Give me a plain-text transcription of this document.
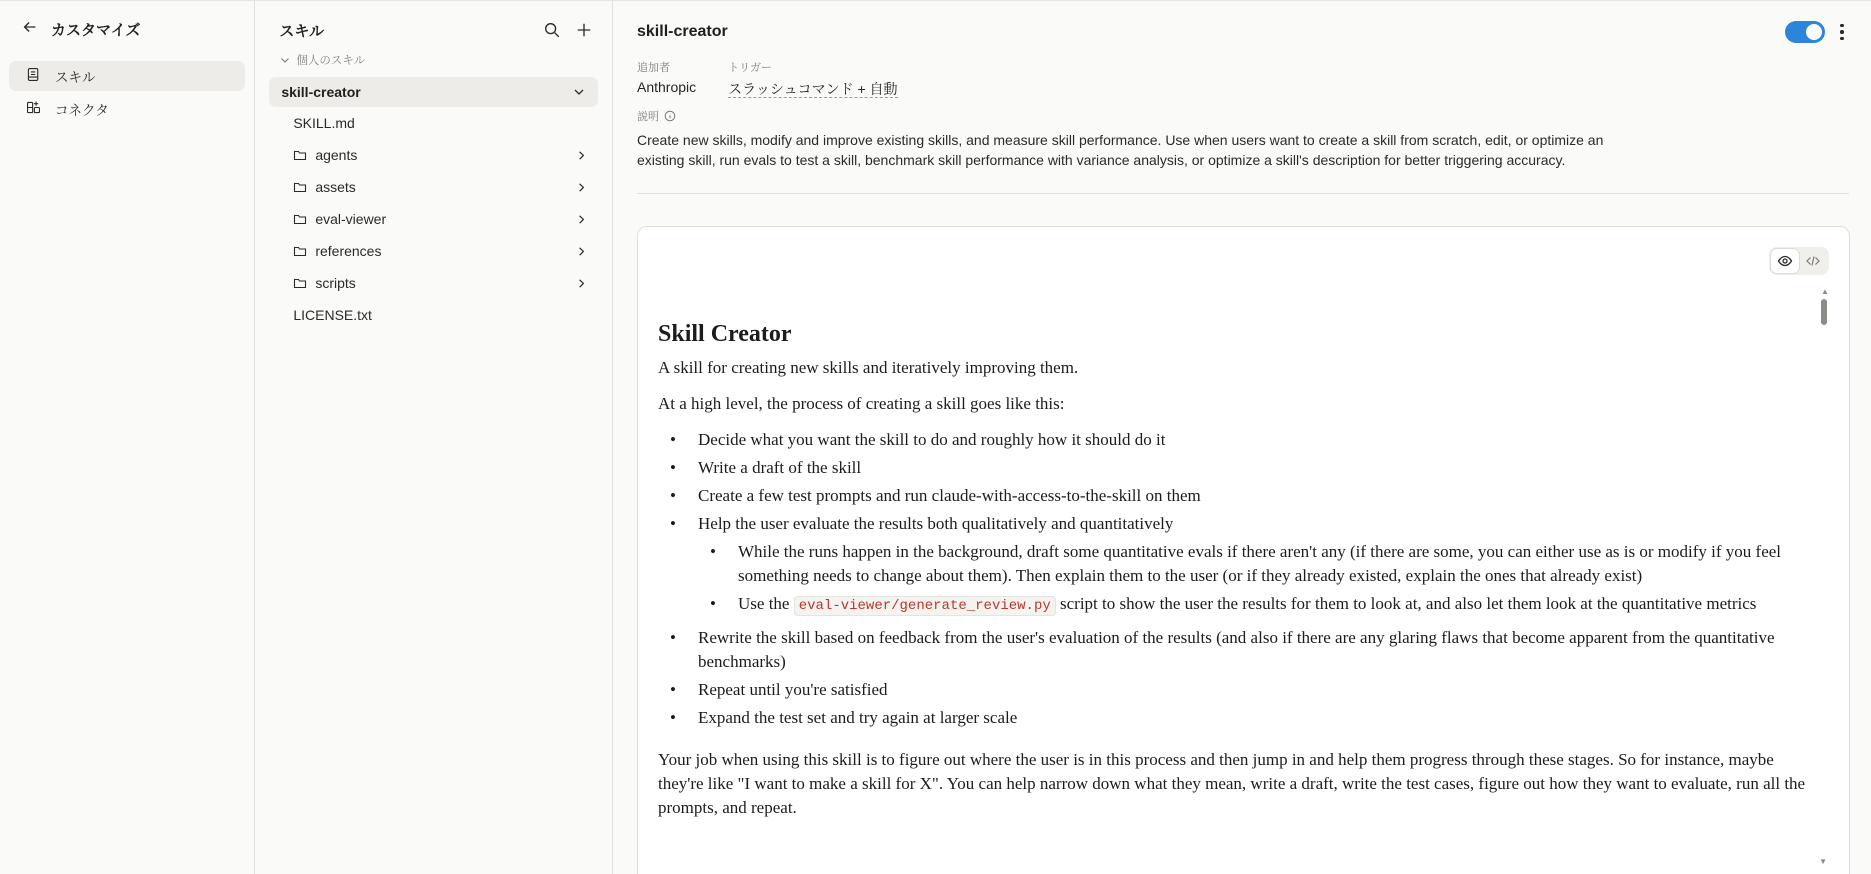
カスタマイズ
スキル
コネクタ
スキル
個人のスキル
skill-creator
SKILL.md
agents
assets
eval-viewer
references
scripts
LICENSE.txt
skill-creator
追加者
Anthropic
トリガー
スラッシュコマンド + 自動
説明
Create new skills, modify and improve existing skills, and measure skill performance. Use when users want to create a skill from scratch, edit, or optimize an existing skill, run evals to test a skill, benchmark skill performance with variance analysis, or optimize a skill's description for better triggering accuracy.
▲
▼
Skill Creator

A skill for creating new skills and iteratively improving them.

At a high level, the process of creating a skill goes like this:

• Decide what you want the skill to do and roughly how it should do it
• Write a draft of the skill
• Create a few test prompts and run claude-with-access-to-the-skill on them
• Help the user evaluate the results both qualitatively and quantitatively
• While the runs happen in the background, draft some quantitative evals if there aren't any (if there are some, you can either use as is or modify if you feel something needs to change about them). Then explain them to the user (or if they already existed, explain the ones that already exist)
• Use the eval-viewer/generate_review.py script to show the user the results for them to look at, and also let them look at the quantitative metrics
• Rewrite the skill based on feedback from the user's evaluation of the results (and also if there are any glaring flaws that become apparent from the quantitative benchmarks)
• Repeat until you're satisfied
• Expand the test set and try again at larger scale

Your job when using this skill is to figure out where the user is in this process and then jump in and help them progress through these stages. So for instance, maybe they're like "I want to make a skill for X". You can help narrow down what they mean, write a draft, write the test cases, figure out how they want to evaluate, run all the prompts, and repeat.
